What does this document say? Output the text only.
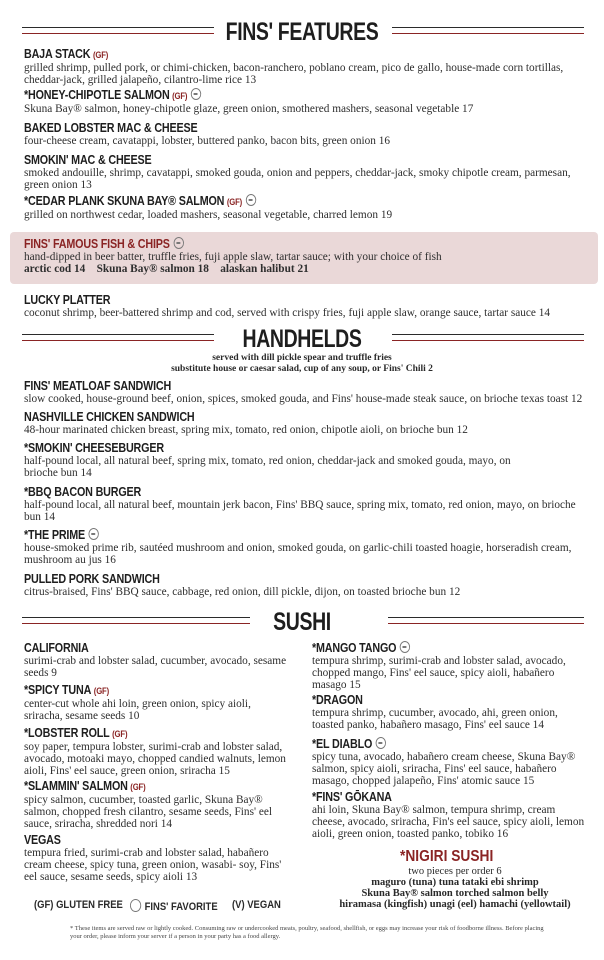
FINS' FEATURES
BAJA STACK (GF)
grilled shrimp, pulled pork, or chimi-chicken, bacon-ranchero, poblano cream, pico de gallo, house-made corn tortillas, cheddar-jack, grilled jalapeño, cilantro-lime rice 13
*HONEY-CHIPOTLE SALMON (GF)
Skuna Bay® salmon, honey-chipotle glaze, green onion, smothered mashers, seasonal vegetable 17
BAKED LOBSTER MAC & CHEESE
four-cheese cream, cavatappi, lobster, buttered panko, bacon bits, green onion 16
SMOKIN' MAC & CHEESE
smoked andouille, shrimp, cavatappi, smoked gouda, onion and peppers, cheddar-jack, smoky chipotle cream, parmesan, green onion 13
*CEDAR PLANK SKUNA BAY® SALMON (GF)
grilled on northwest cedar, loaded mashers, seasonal vegetable, charred lemon 19
FINS' FAMOUS FISH & CHIPS
hand-dipped in beer batter, truffle fries, fuji apple slaw, tartar sauce; with your choice of fish
arctic cod 14    Skuna Bay® salmon 18    alaskan halibut 21
LUCKY PLATTER
coconut shrimp, beer-battered shrimp and cod, served with crispy fries, fuji apple slaw, orange sauce, tartar sauce 14
HANDHELDS
served with dill pickle spear and truffle fries
substitute house or caesar salad, cup of any soup, or Fins' Chili 2
FINS' MEATLOAF SANDWICH
slow cooked, house-ground beef, onion, spices, smoked gouda, and Fins' house-made steak sauce, on brioche texas toast 12
NASHVILLE CHICKEN SANDWICH
48-hour marinated chicken breast, spring mix, tomato, red onion, chipotle aioli, on brioche bun 12
*SMOKIN' CHEESEBURGER
half-pound local, all natural beef, spring mix, tomato, red onion, cheddar-jack and smoked gouda, mayo, on brioche bun 14
*BBQ BACON BURGER
half-pound local, all natural beef, mountain jerk bacon, Fins' BBQ sauce, spring mix, tomato, red onion, mayo, on brioche bun 14
*THE PRIME
house-smoked prime rib, sautéed mushroom and onion, smoked gouda, on garlic-chili toasted hoagie, horseradish cream, mushroom au jus 16
PULLED PORK SANDWICH
citrus-braised, Fins' BBQ sauce, cabbage, red onion, dill pickle, dijon, on toasted brioche bun 12
SUSHI
CALIFORNIA
surimi-crab and lobster salad, cucumber, avocado, sesame seeds 9
*SPICY TUNA (GF)
center-cut whole ahi loin, green onion, spicy aioli, sriracha, sesame seeds 10
*LOBSTER ROLL (GF)
soy paper, tempura lobster, surimi-crab and lobster salad, avocado, motoaki mayo, chopped candied walnuts, lemon aioli, Fins' eel sauce, green onion, sriracha 15
*SLAMMIN' SALMON (GF)
spicy salmon, cucumber, toasted garlic, Skuna Bay® salmon, chopped fresh cilantro, sesame seeds, Fins' eel sauce, sriracha, shredded nori 14
VEGAS
tempura fried, surimi-crab and lobster salad, habañero cream cheese, spicy tuna, green onion, wasabi- soy, Fins' eel sauce, sesame seeds, spicy aioli 13
*MANGO TANGO
tempura shrimp, surimi-crab and lobster salad, avocado, chopped mango, Fins' eel sauce, spicy aioli, habañero masago 15
*DRAGON
tempura shrimp, cucumber, avocado, ahi, green onion, toasted panko, habañero masago, Fins' eel sauce 14
*EL DIABLO
spicy tuna, avocado, habañero cream cheese, Skuna Bay® salmon, spicy aioli, sriracha, Fins' eel sauce, habañero masago, chopped jalapeño, Fins' atomic sauce 15
*FINS' GŌKANA
ahi loin, Skuna Bay® salmon, tempura shrimp, cream cheese, avocado, sriracha, Fin's eel sauce, spicy aioli, lemon aioli, green onion, toasted panko, tobiko 16
*NIGIRI SUSHI
two pieces per order 6
maguro (tuna) tuna tataki ebi shrimp
Skuna Bay® salmon torched salmon belly
hiramasa (kingfish) unagi (eel) hamachi (yellowtail)
(GF) GLUTEN FREE	FINS' FAVORITE (V) VEGAN
* These items are served raw or lightly cooked. Consuming raw or undercooked meats, poultry, seafood, shellfish, or eggs may increase your risk of foodborne illness. Before placing your order, please inform your server if a person in your party has a food allergy.
